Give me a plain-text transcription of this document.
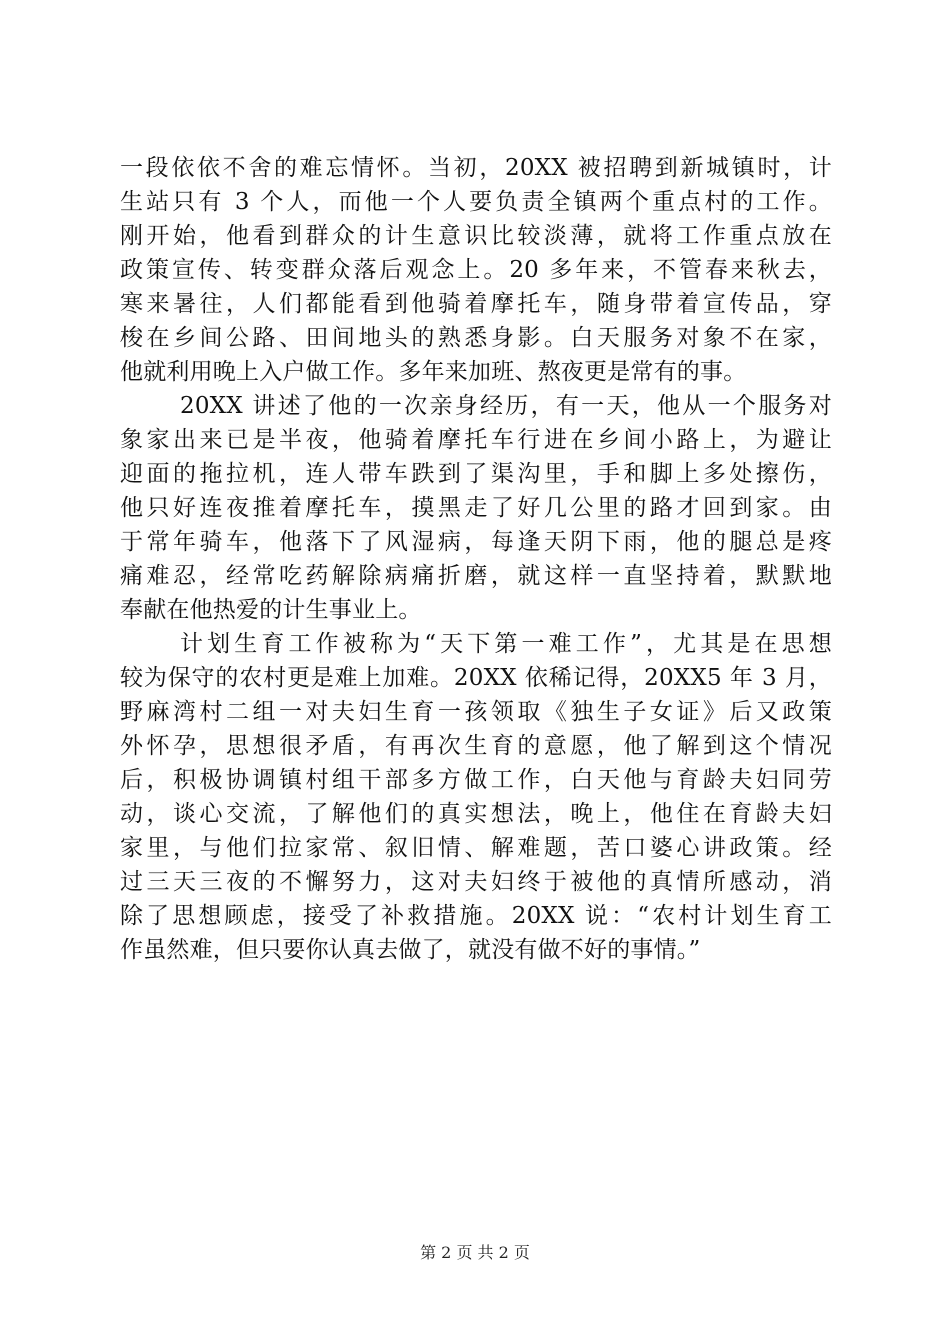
一段依依不舍的难忘情怀。当初，20XX 被招聘到新城镇时，计
生站只有 3 个人，而他一个人要负责全镇两个重点村的工作。
刚开始，他看到群众的计生意识比较淡薄，就将工作重点放在
政策宣传、转变群众落后观念上。20 多年来，不管春来秋去，
寒来暑往，人们都能看到他骑着摩托车，随身带着宣传品，穿
梭在乡间公路、田间地头的熟悉身影。白天服务对象不在家，
他就利用晚上入户做工作。多年来加班、熬夜更是常有的事。
20XX 讲述了他的一次亲身经历，有一天，他从一个服务对
象家出来已是半夜，他骑着摩托车行进在乡间小路上，为避让
迎面的拖拉机，连人带车跌到了渠沟里，手和脚上多处擦伤，
他只好连夜推着摩托车，摸黑走了好几公里的路才回到家。由
于常年骑车，他落下了风湿病，每逢天阴下雨，他的腿总是疼
痛难忍，经常吃药解除病痛折磨，就这样一直坚持着，默默地
奉献在他热爱的计生事业上。
计划生育工作被称为“天下第一难工作”，尤其是在思想
较为保守的农村更是难上加难。20XX 依稀记得，20XX5 年 3 月，
野麻湾村二组一对夫妇生育一孩领取《独生子女证》后又政策
外怀孕，思想很矛盾，有再次生育的意愿，他了解到这个情况
后，积极协调镇村组干部多方做工作，白天他与育龄夫妇同劳
动，谈心交流，了解他们的真实想法，晚上，他住在育龄夫妇
家里，与他们拉家常、叙旧情、解难题，苦口婆心讲政策。经
过三天三夜的不懈努力，这对夫妇终于被他的真情所感动，消
除了思想顾虑，接受了补救措施。20XX 说：“农村计划生育工
作虽然难，但只要你认真去做了，就没有做不好的事情。”
第 2 页 共 2 页
